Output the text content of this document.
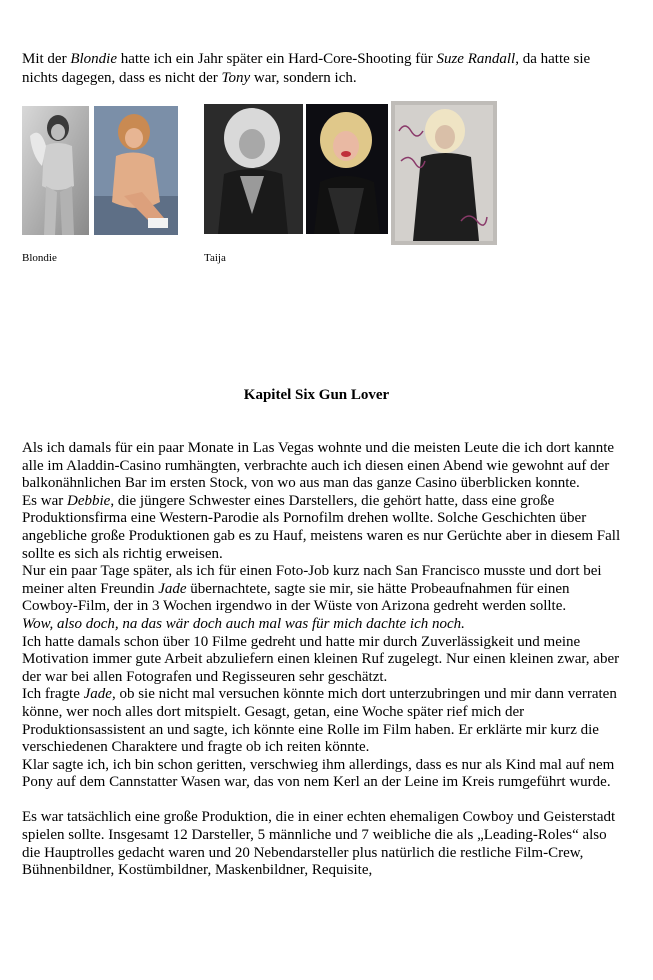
Mit der Blondie hatte ich ein Jahr später ein Hard-Core-Shooting für Suze Randall, da hatte sie nichts dagegen, dass es nicht der Tony war, sondern ich.

Blondie	Taija
Kapitel Six Gun Lover

Als ich damals für ein paar Monate in Las Vegas wohnte und die meisten Leute die ich dort kannte alle im Aladdin-Casino rumhängten, verbrachte auch ich diesen einen Abend wie gewohnt auf der balkonähnlichen Bar im ersten Stock, von wo aus man das ganze Casino überblicken konnte.

Es war Debbie, die jüngere Schwester eines Darstellers, die gehört hatte, dass eine große Produktionsfirma eine Western-Parodie als Pornofilm drehen wollte. Solche Geschichten über angebliche große Produktionen gab es zu Hauf, meistens waren es nur Gerüchte aber in diesem Fall sollte es sich als richtig erweisen.

Nur ein paar Tage später, als ich für einen Foto-Job kurz nach San Francisco musste und dort bei meiner alten Freundin Jade übernachtete, sagte sie mir, sie hätte Probeaufnahmen für einen Cowboy-Film, der in 3 Wochen irgendwo in der Wüste von Arizona gedreht werden sollte.

Wow, also doch, na das wär doch auch mal was für mich dachte ich noch.

Ich hatte damals schon über 10 Filme gedreht und hatte mir durch Zuverlässigkeit und meine Motivation immer gute Arbeit abzuliefern einen kleinen Ruf zugelegt. Nur einen kleinen zwar, aber der war bei allen Fotografen und Regisseuren sehr geschätzt.

Ich fragte Jade, ob sie nicht mal versuchen könnte mich dort unterzubringen und mir dann verraten könne, wer noch alles dort mitspielt. Gesagt, getan, eine Woche später rief mich der Produktionsassistent an und sagte, ich könnte eine Rolle im Film haben. Er erklärte mir kurz die verschiedenen Charaktere und fragte ob ich reiten könnte.

Klar sagte ich, ich bin schon geritten, verschwieg ihm allerdings, dass es nur als Kind mal auf nem Pony auf dem Cannstatter Wasen war, das von nem Kerl an der Leine im Kreis rumgeführt wurde.

Es war tatsächlich eine große Produktion, die in einer echten ehemaligen Cowboy und Geisterstadt spielen sollte. Insgesamt 12 Darsteller, 5 männliche und 7 weibliche die als „Leading-Roles“ also die Hauptrolles gedacht waren und 20 Nebendarsteller plus natürlich die restliche Film-Crew, Bühnenbildner, Kostümbildner, Maskenbildner, Requisite,
